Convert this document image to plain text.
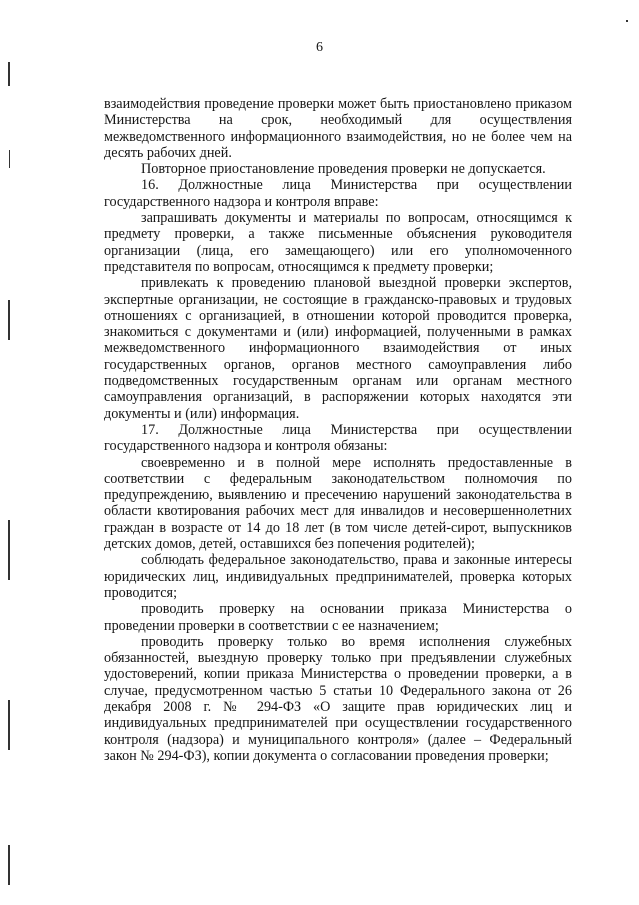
6

взаимодействия проведение проверки может быть приостановлено приказом Министерства на срок, необходимый для осуществления межведомственного информационного взаимодействия, но не более чем на десять рабочих дней.

Повторное приостановление проведения проверки не допускается.

16. Должностные лица Министерства при осуществлении государственного надзора и контроля вправе:

запрашивать документы и материалы по вопросам, относящимся к предмету проверки, а также письменные объяснения руководителя организации (лица, его замещающего) или его уполномоченного представителя по вопросам, относящимся к предмету проверки;

привлекать к проведению плановой выездной проверки экспертов, экспертные организации, не состоящие в гражданско-правовых и трудовых отношениях с организацией, в отношении которой проводится проверка, знакомиться с документами и (или) информацией, полученными в рамках межведомственного информационного взаимодействия от иных государственных органов, органов местного самоуправления либо подведомственных государственным органам или органам местного самоуправления организаций, в распоряжении которых находятся эти документы и (или) информация.

17. Должностные лица Министерства при осуществлении государственного надзора и контроля обязаны:

своевременно и в полной мере исполнять предоставленные в соответствии с федеральным законодательством полномочия по предупреждению, выявлению и пресечению нарушений законодательства в области квотирования рабочих мест для инвалидов и несовершеннолетних граждан в возрасте от 14 до 18 лет (в том числе детей-сирот, выпускников детских домов, детей, оставшихся без попечения родителей);

соблюдать федеральное законодательство, права и законные интересы юридических лиц, индивидуальных предпринимателей, проверка которых проводится;

проводить проверку на основании приказа Министерства о проведении проверки в соответствии с ее назначением;

проводить проверку только во время исполнения служебных обязанностей, выездную проверку только при предъявлении служебных удостоверений, копии приказа Министерства о проведении проверки, а в случае, предусмотренном частью 5 статьи 10 Федерального закона от 26 декабря 2008 г. № 294-ФЗ «О защите прав юридических лиц и индивидуальных предпринимателей при осуществлении государственного контроля (надзора) и муниципального контроля» (далее – Федеральный закон № 294-ФЗ), копии документа о согласовании проведения проверки;
